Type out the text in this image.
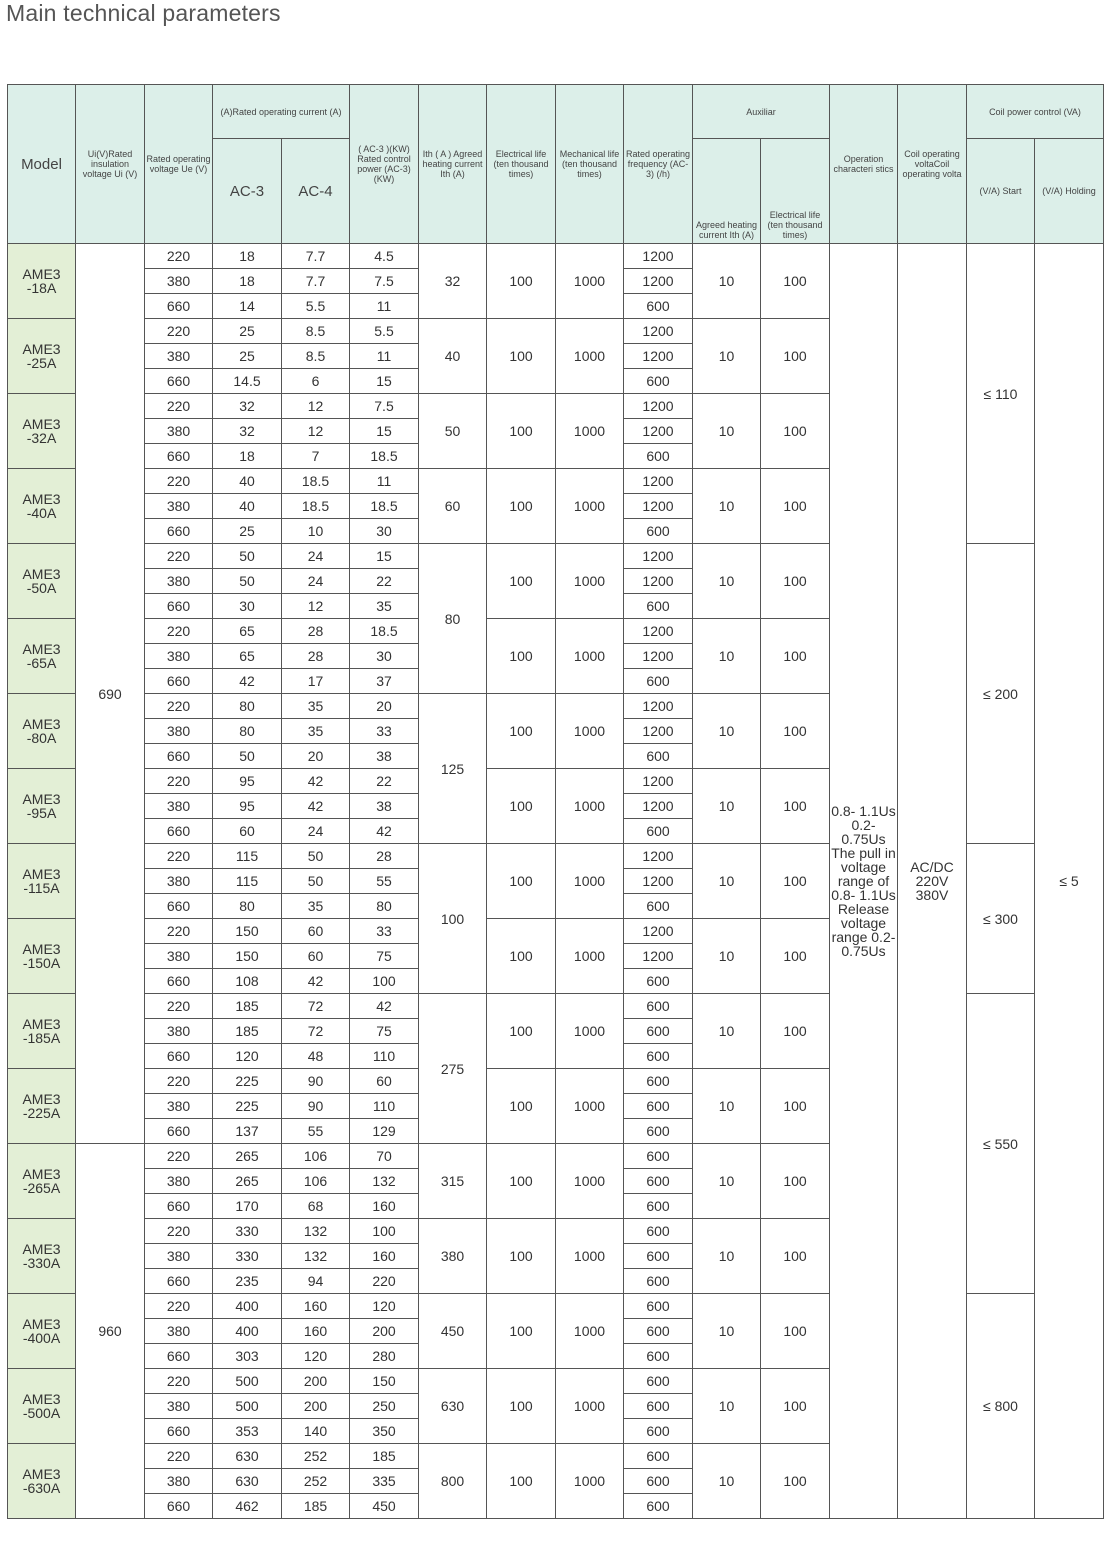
Main technical parameters
Model	Ui(V)Rated insulation voltage Ui (V)	Rated operating voltage Ue (V)	(A)Rated operating current (A)		( AC-3 )(KW) Rated control power (AC-3) (KW)	Ith ( A ) Agreed heating current Ith (A)	Electrical life (ten thousand times)	Mechanical life (ten thousand times)	Rated operating frequency (AC-3) (/h)	Auxiliar		Operation characteri stics	Coil operating voltaCoil operating volta	Coil power control (VA)	
			AC-3	AC-4						Agreed heating current Ith (A)	Electrical life (ten thousand times)			(V/A) Start	(V/A) Holding
AME3 -18A	690	220	18	7.7	4.5	32	100	1000	1200	10	100	0.8- 1.1Us 0.2- 0.75Us The pull in voltage range of 0.8- 1.1Us Release voltage range 0.2- 0.75Us	AC/DC 220V 380V	≤ 110	≤ 5
		380	18	7.7	7.5				1200						
		660	14	5.5	11				600						
AME3 -25A		220	25	8.5	5.5	40	100	1000	1200	10	100				
		380	25	8.5	11				1200						
		660	14.5	6	15				600						
AME3 -32A		220	32	12	7.5	50	100	1000	1200	10	100				
		380	32	12	15				1200						
		660	18	7	18.5				600						
AME3 -40A		220	40	18.5	11	60	100	1000	1200	10	100				
		380	40	18.5	18.5				1200						
		660	25	10	30				600						
AME3 -50A		220	50	24	15	80	100	1000	1200	10	100			≤ 200	
		380	50	24	22				1200						
		660	30	12	35				600						
AME3 -65A		220	65	28	18.5		100	1000	1200	10	100				
		380	65	28	30				1200						
		660	42	17	37				600						
AME3 -80A		220	80	35	20	125	100	1000	1200	10	100				
		380	80	35	33				1200						
		660	50	20	38				600						
AME3 -95A		220	95	42	22		100	1000	1200	10	100				
		380	95	42	38				1200						
		660	60	24	42				600						
AME3 -115A		220	115	50	28	100	100	1000	1200	10	100			≤ 300	
		380	115	50	55				1200						
		660	80	35	80				600						
AME3 -150A		220	150	60	33		100	1000	1200	10	100				
		380	150	60	75				1200						
		660	108	42	100				600						
AME3 -185A		220	185	72	42	275	100	1000	600	10	100			≤ 550	
		380	185	72	75				600						
		660	120	48	110				600						
AME3 -225A		220	225	90	60		100	1000	600	10	100				
		380	225	90	110				600						
		660	137	55	129				600						
AME3 -265A	960	220	265	106	70	315	100	1000	600	10	100				
		380	265	106	132				600						
		660	170	68	160				600						
AME3 -330A		220	330	132	100	380	100	1000	600	10	100				
		380	330	132	160				600						
		660	235	94	220				600						
AME3 -400A		220	400	160	120	450	100	1000	600	10	100			≤ 800	
		380	400	160	200				600						
		660	303	120	280				600						
AME3 -500A		220	500	200	150	630	100	1000	600	10	100				
		380	500	200	250				600						
		660	353	140	350				600						
AME3 -630A		220	630	252	185	800	100	1000	600	10	100				
		380	630	252	335				600						
		660	462	185	450				600						
